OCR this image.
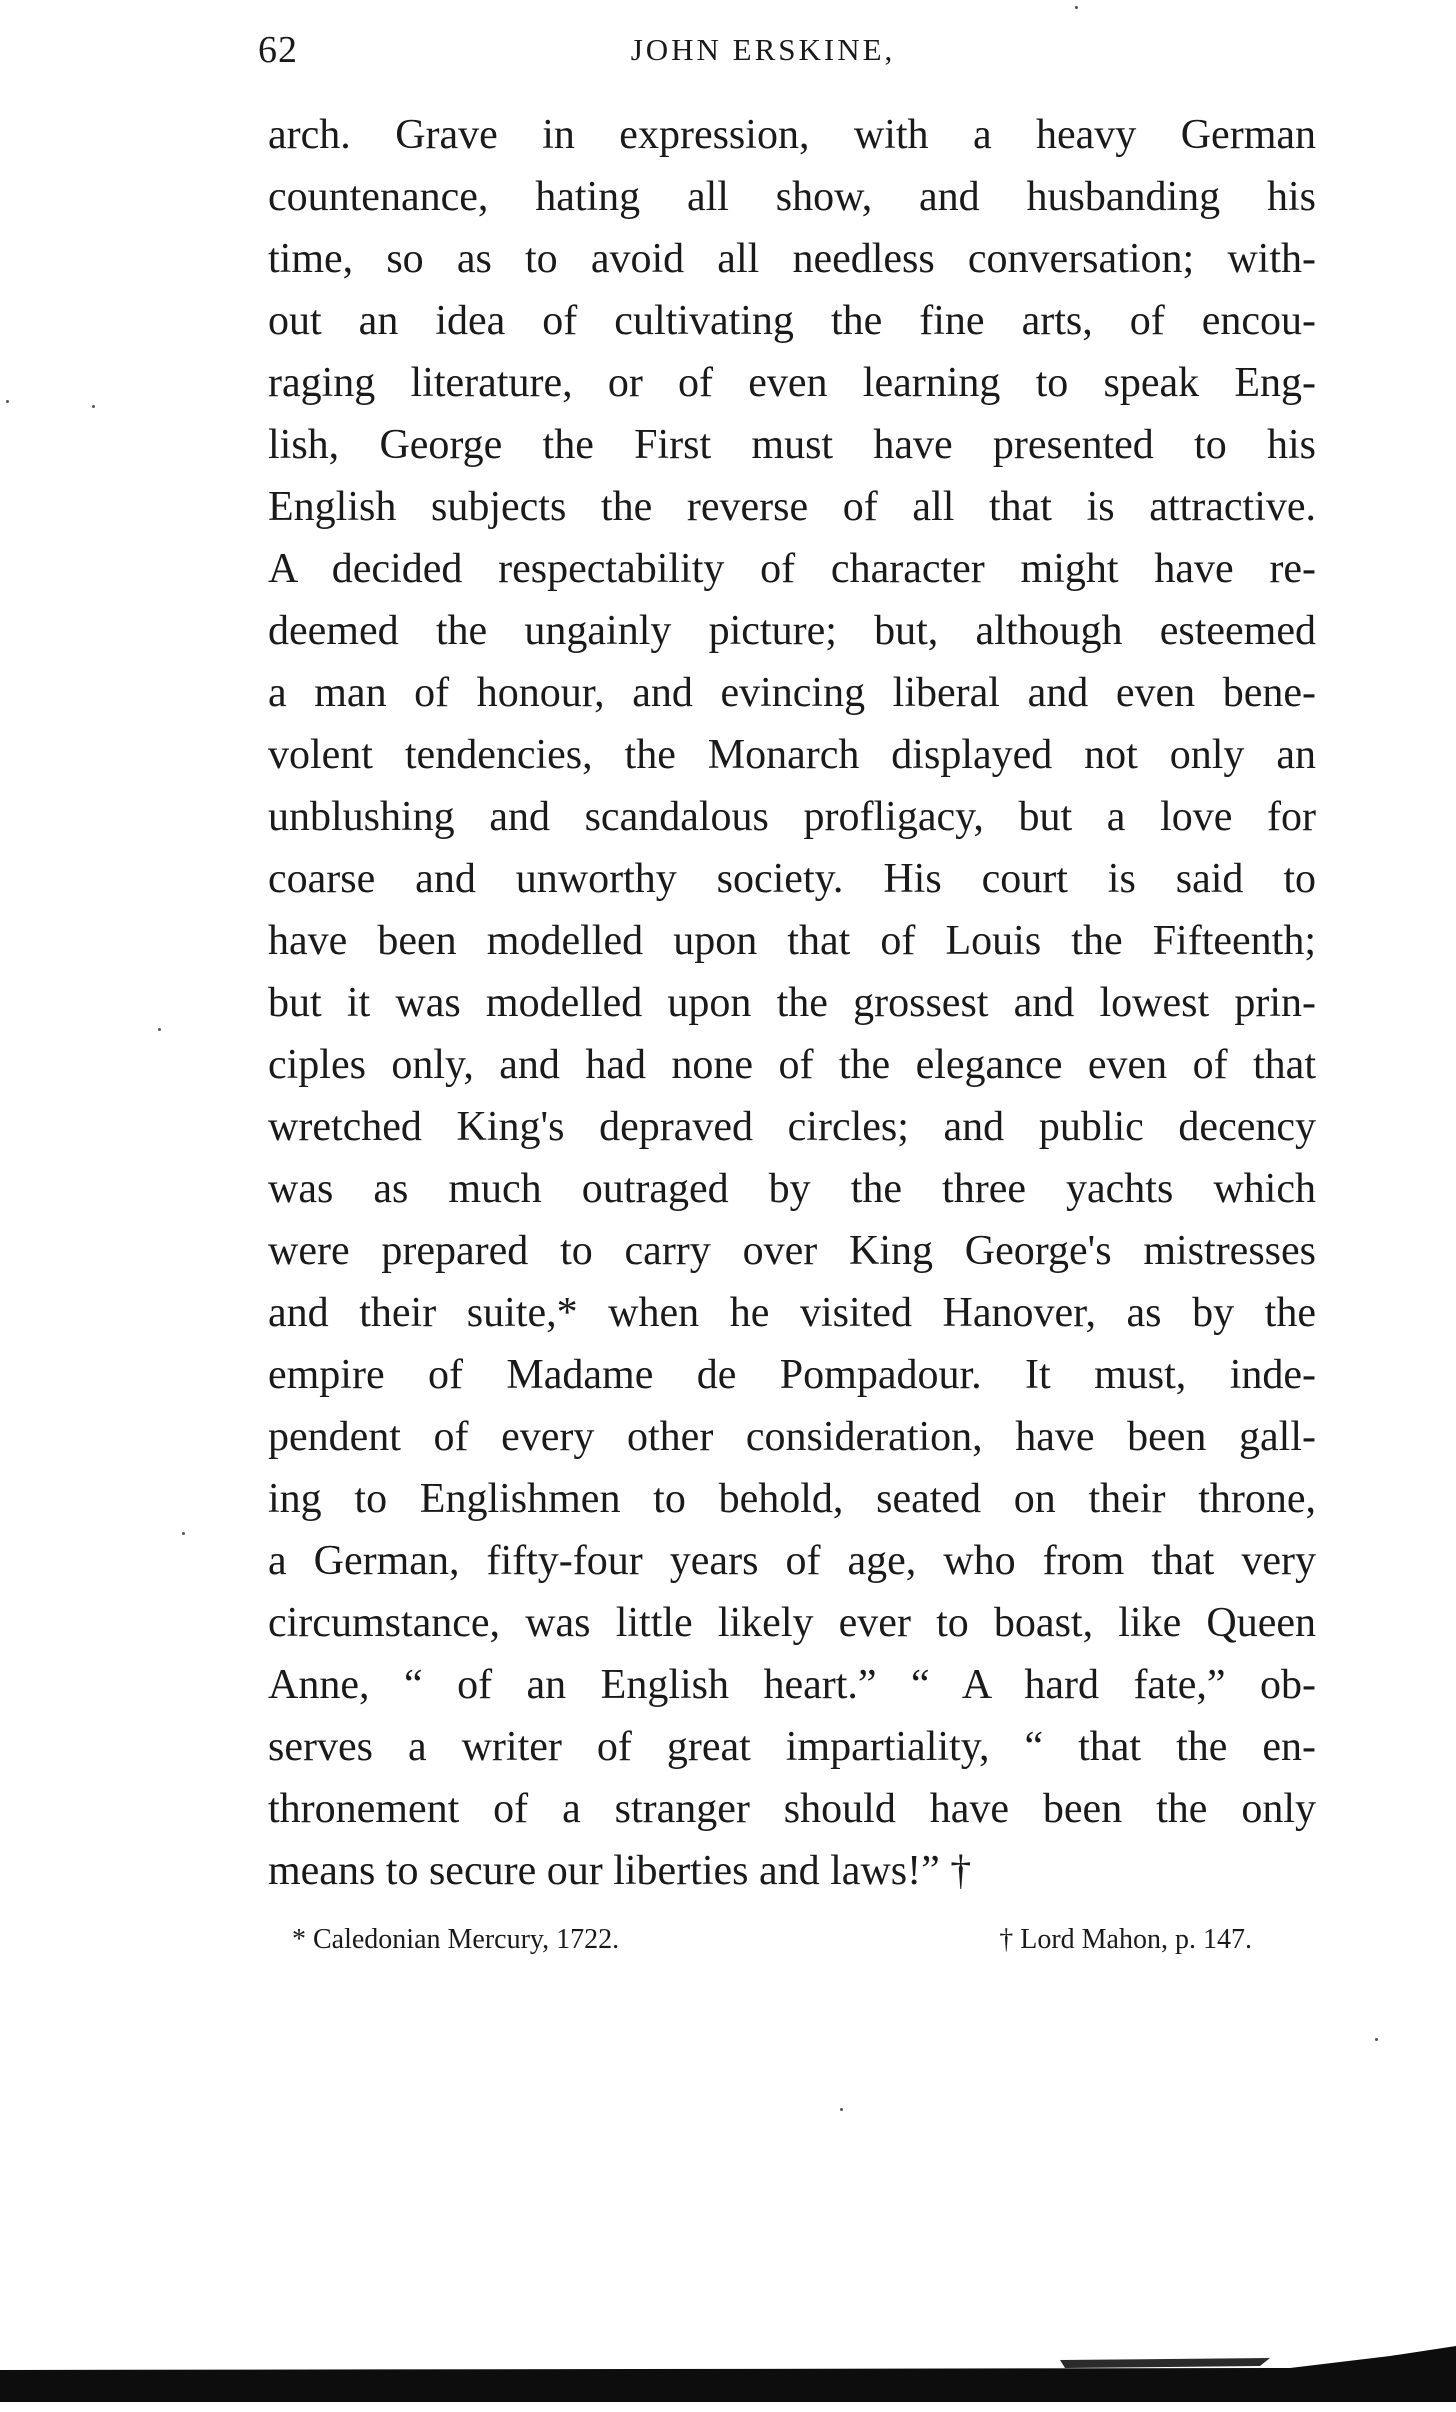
62	JOHN ERSKINE,
arch. Grave in expression, with a heavy German
countenance, hating all show, and husbanding his
time, so as to avoid all needless conversation; with-
out an idea of cultivating the fine arts, of encou-
raging literature, or of even learning to speak Eng-
lish, George the First must have presented to his
English subjects the reverse of all that is attractive.
A decided respectability of character might have re-
deemed the ungainly picture; but, although esteemed
a man of honour, and evincing liberal and even bene-
volent tendencies, the Monarch displayed not only an
unblushing and scandalous profligacy, but a love for
coarse and unworthy society. His court is said to
have been modelled upon that of Louis the Fifteenth;
but it was modelled upon the grossest and lowest prin-
ciples only, and had none of the elegance even of that
wretched King's depraved circles; and public decency
was as much outraged by the three yachts which
were prepared to carry over King George's mistresses
and their suite,* when he visited Hanover, as by the
empire of Madame de Pompadour. It must, inde-
pendent of every other consideration, have been gall-
ing to Englishmen to behold, seated on their throne,
a German, fifty-four years of age, who from that very
circumstance, was little likely ever to boast, like Queen
Anne, “ of an English heart.” “ A hard fate,” ob-
serves a writer of great impartiality, “ that the en-
thronement of a stranger should have been the only
means to secure our liberties and laws!” †
* Caledonian Mercury, 1722.	† Lord Mahon, p. 147.
